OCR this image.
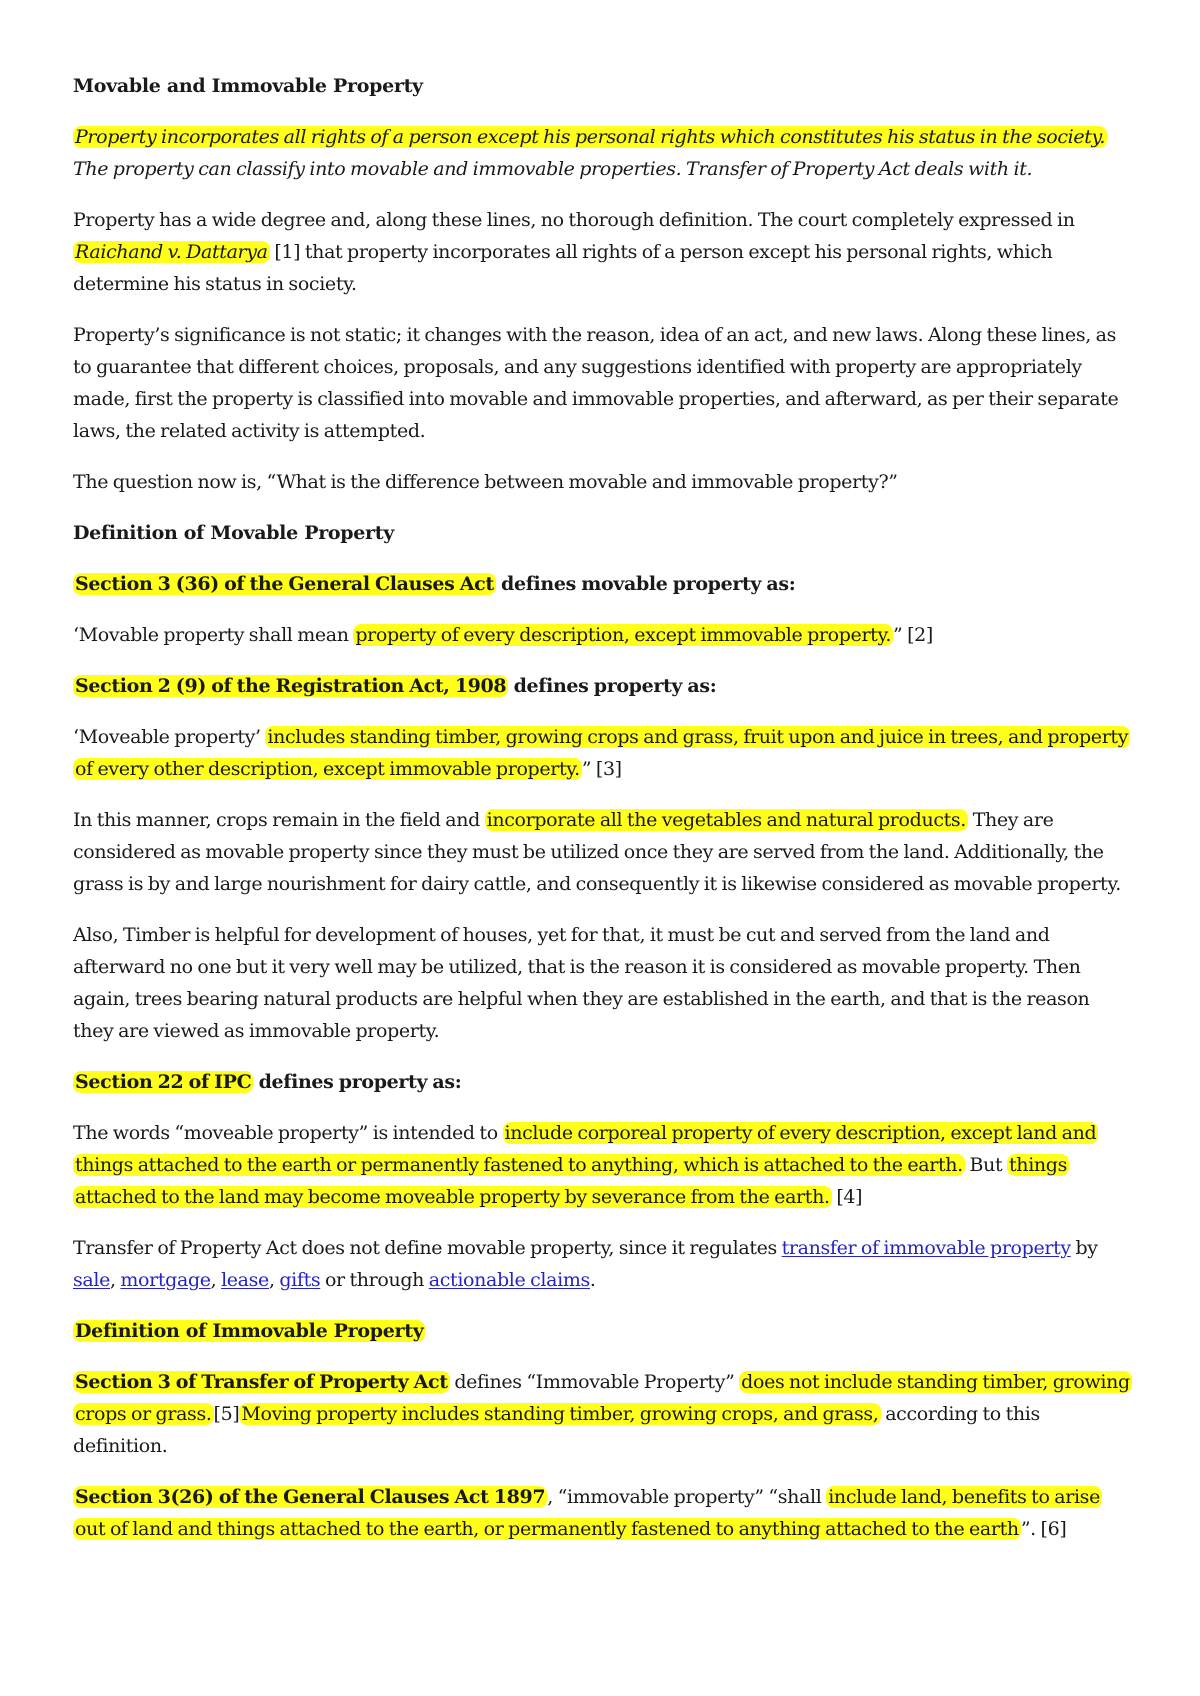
Movable and Immovable Property

Property incorporates all rights of a person except his personal rights which constitutes his status in the society. The property can classify into movable and immovable properties. Transfer of Property Act deals with it.

Property has a wide degree and, along these lines, no thorough definition. The court completely expressed in Raichand v. Dattarya [1] that property incorporates all rights of a person except his personal rights, which determine his status in society.

Property’s significance is not static; it changes with the reason, idea of an act, and new laws. Along these lines, as to guarantee that different choices, proposals, and any suggestions identified with property are appropriately made, first the property is classified into movable and immovable properties, and afterward, as per their separate laws, the related activity is attempted.

The question now is, “What is the difference between movable and immovable property?”

Definition of Movable Property

Section 3 (36) of the General Clauses Act defines movable property as:

‘Movable property shall mean property of every description, except immovable property. ” [2]

Section 2 (9) of the Registration Act, 1908 defines property as:

‘Moveable property’ includes standing timber, growing crops and grass, fruit upon and juice in trees, and property of every other description, except immovable property. ” [3]

In this manner, crops remain in the field and incorporate all the vegetables and natural products. They are considered as movable property since they must be utilized once they are served from the land. Additionally, the grass is by and large nourishment for dairy cattle, and consequently it is likewise considered as movable property.

Also, Timber is helpful for development of houses, yet for that, it must be cut and served from the land and afterward no one but it very well may be utilized, that is the reason it is considered as movable property. Then again, trees bearing natural products are helpful when they are established in the earth, and that is the reason they are viewed as immovable property.

Section 22 of IPC defines property as:

The words “moveable property” is intended to include corporeal property of every description, except land and things attached to the earth or permanently fastened to anything, which is attached to the earth. But things attached to the land may become moveable property by severance from the earth. [4]

Transfer of Property Act does not define movable property, since it regulates transfer of immovable property by sale, mortgage, lease, gifts or through actionable claims.

Definition of Immovable Property

Section 3 of Transfer of Property Act defines “Immovable Property” does not include standing timber, growing crops or grass. [5] Moving property includes standing timber, growing crops, and grass, according to this definition.

Section 3(26) of the General Clauses Act 1897 , “immovable property” “shall include land, benefits to arise out of land and things attached to the earth, or permanently fastened to anything attached to the earth ”. [6]
